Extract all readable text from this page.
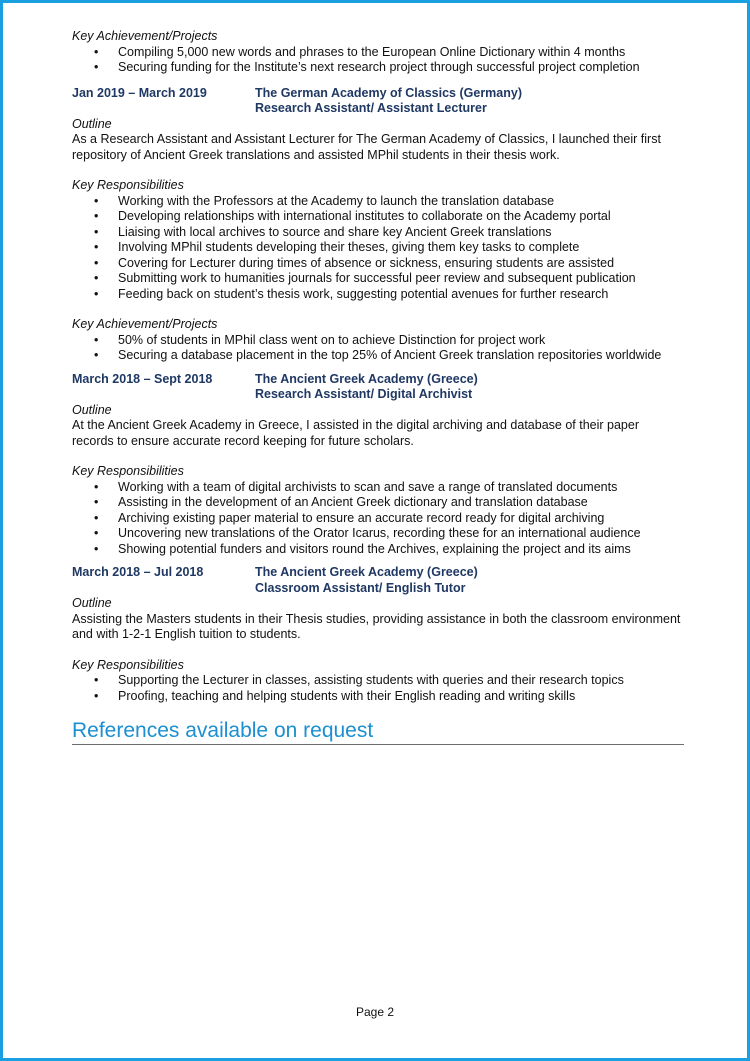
Key Achievement/Projects
• Compiling 5,000 new words and phrases to the European Online Dictionary within 4 months
• Securing funding for the Institute’s next research project through successful project completion
Jan 2019 – March 2019	The German Academy of Classics (Germany)
Research Assistant/ Assistant Lecturer
Outline
As a Research Assistant and Assistant Lecturer for The German Academy of Classics, I launched their first repository of Ancient Greek translations and assisted MPhil students in their thesis work.
Key Responsibilities
• Working with the Professors at the Academy to launch the translation database
• Developing relationships with international institutes to collaborate on the Academy portal
• Liaising with local archives to source and share key Ancient Greek translations
• Involving MPhil students developing their theses, giving them key tasks to complete
• Covering for Lecturer during times of absence or sickness, ensuring students are assisted
• Submitting work to humanities journals for successful peer review and subsequent publication
• Feeding back on student’s thesis work, suggesting potential avenues for further research
Key Achievement/Projects
• 50% of students in MPhil class went on to achieve Distinction for project work
• Securing a database placement in the top 25% of Ancient Greek translation repositories worldwide
March 2018 – Sept 2018	The Ancient Greek Academy (Greece)
Research Assistant/ Digital Archivist
Outline
At the Ancient Greek Academy in Greece, I assisted in the digital archiving and database of their paper records to ensure accurate record keeping for future scholars.
Key Responsibilities
• Working with a team of digital archivists to scan and save a range of translated documents
• Assisting in the development of an Ancient Greek dictionary and translation database
• Archiving existing paper material to ensure an accurate record ready for digital archiving
• Uncovering new translations of the Orator Icarus, recording these for an international audience
• Showing potential funders and visitors round the Archives, explaining the project and its aims
March 2018 – Jul 2018	The Ancient Greek Academy (Greece)
Classroom Assistant/ English Tutor
Outline
Assisting the Masters students in their Thesis studies, providing assistance in both the classroom environment and with 1-2-1 English tuition to students.
Key Responsibilities
• Supporting the Lecturer in classes, assisting students with queries and their research topics
• Proofing, teaching and helping students with their English reading and writing skills
References available on request
Page 2
